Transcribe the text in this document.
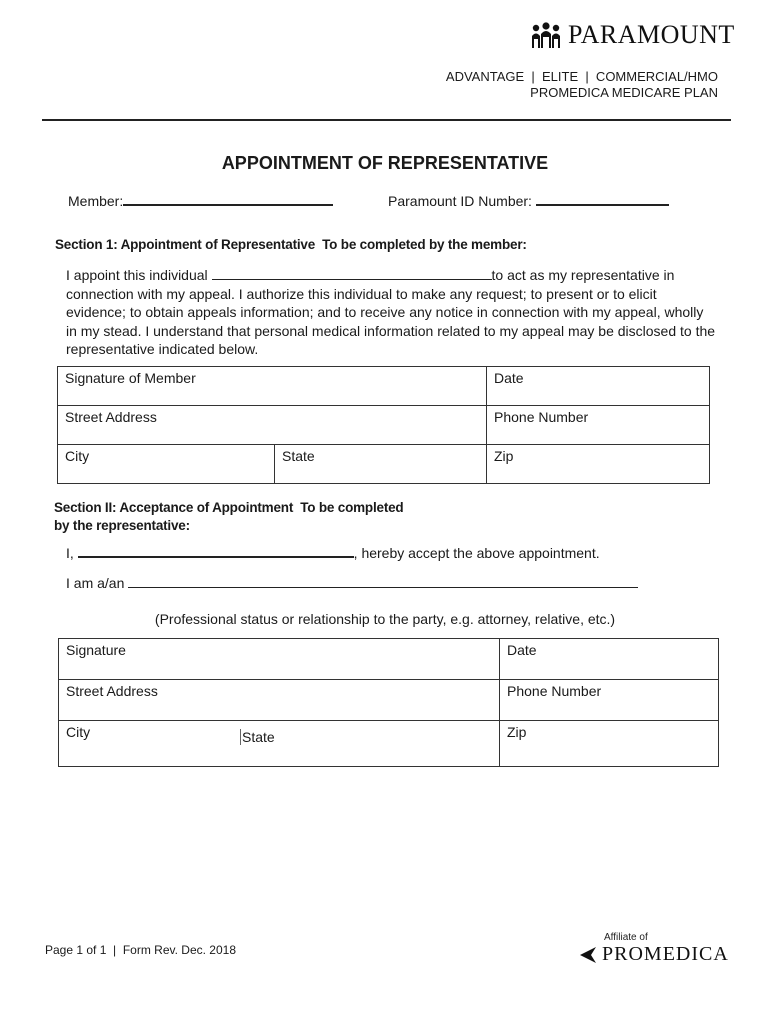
PARAMOUNT
ADVANTAGE  |  ELITE  |  COMMERCIAL/HMO
PROMEDICA MEDICARE PLAN
APPOINTMENT OF REPRESENTATIVE
Member:	Paramount ID Number:
Section 1: Appointment of Representative  To be completed by the member:
I appoint this individual	to act as my representative in connection with my appeal. I authorize this individual to make any request; to present or to elicit evidence; to obtain appeals information; and to receive any notice in connection with my appeal, wholly in my stead. I understand that personal medical information related to my appeal may be disclosed to the representative indicated below.
Signature of Member		Date
Street Address		Phone Number
City	State	Zip
Section II: Acceptance of Appointment  To be completed
by the representative:
I,	, hereby accept the above appointment.
I am a/an
(Professional status or relationship to the party, e.g. attorney, relative, etc.)
Signature		Date
Street Address		Phone Number
City	State	Zip
Page 1 of 1  |  Form Rev. Dec. 2018
Affiliate of
PROMEDICA
